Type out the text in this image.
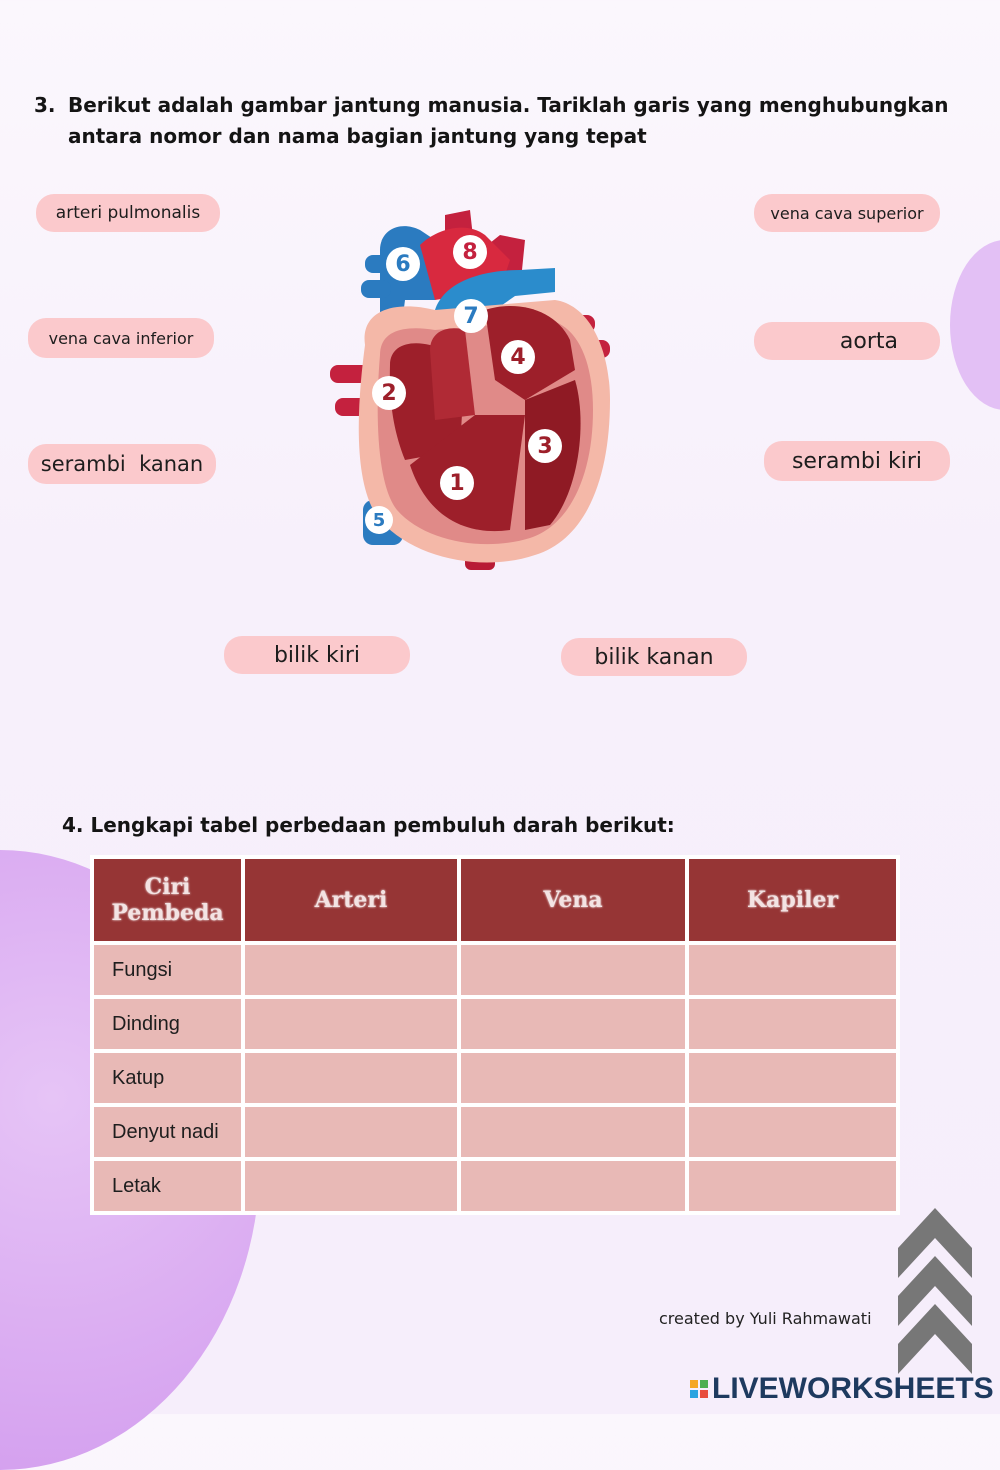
3. Berikut adalah gambar jantung manusia. Tariklah garis yang menghubungkan
antara nomor dan nama bagian jantung yang tepat
arteri pulmonalis
vena cava inferior
serambi  kanan
vena cava superior
aorta
serambi kiri
bilik kiri	bilik kanan
1
2
3
4
5
6
7
8
4. Lengkapi tabel perbedaan pembuluh darah berikut:
Ciri Pembeda	Arteri	Vena	Kapiler
Fungsi			
Dinding			
Katup			
Denyut nadi			
Letak			
created by Yuli Rahmawati
LIVEWORKSHEETS
